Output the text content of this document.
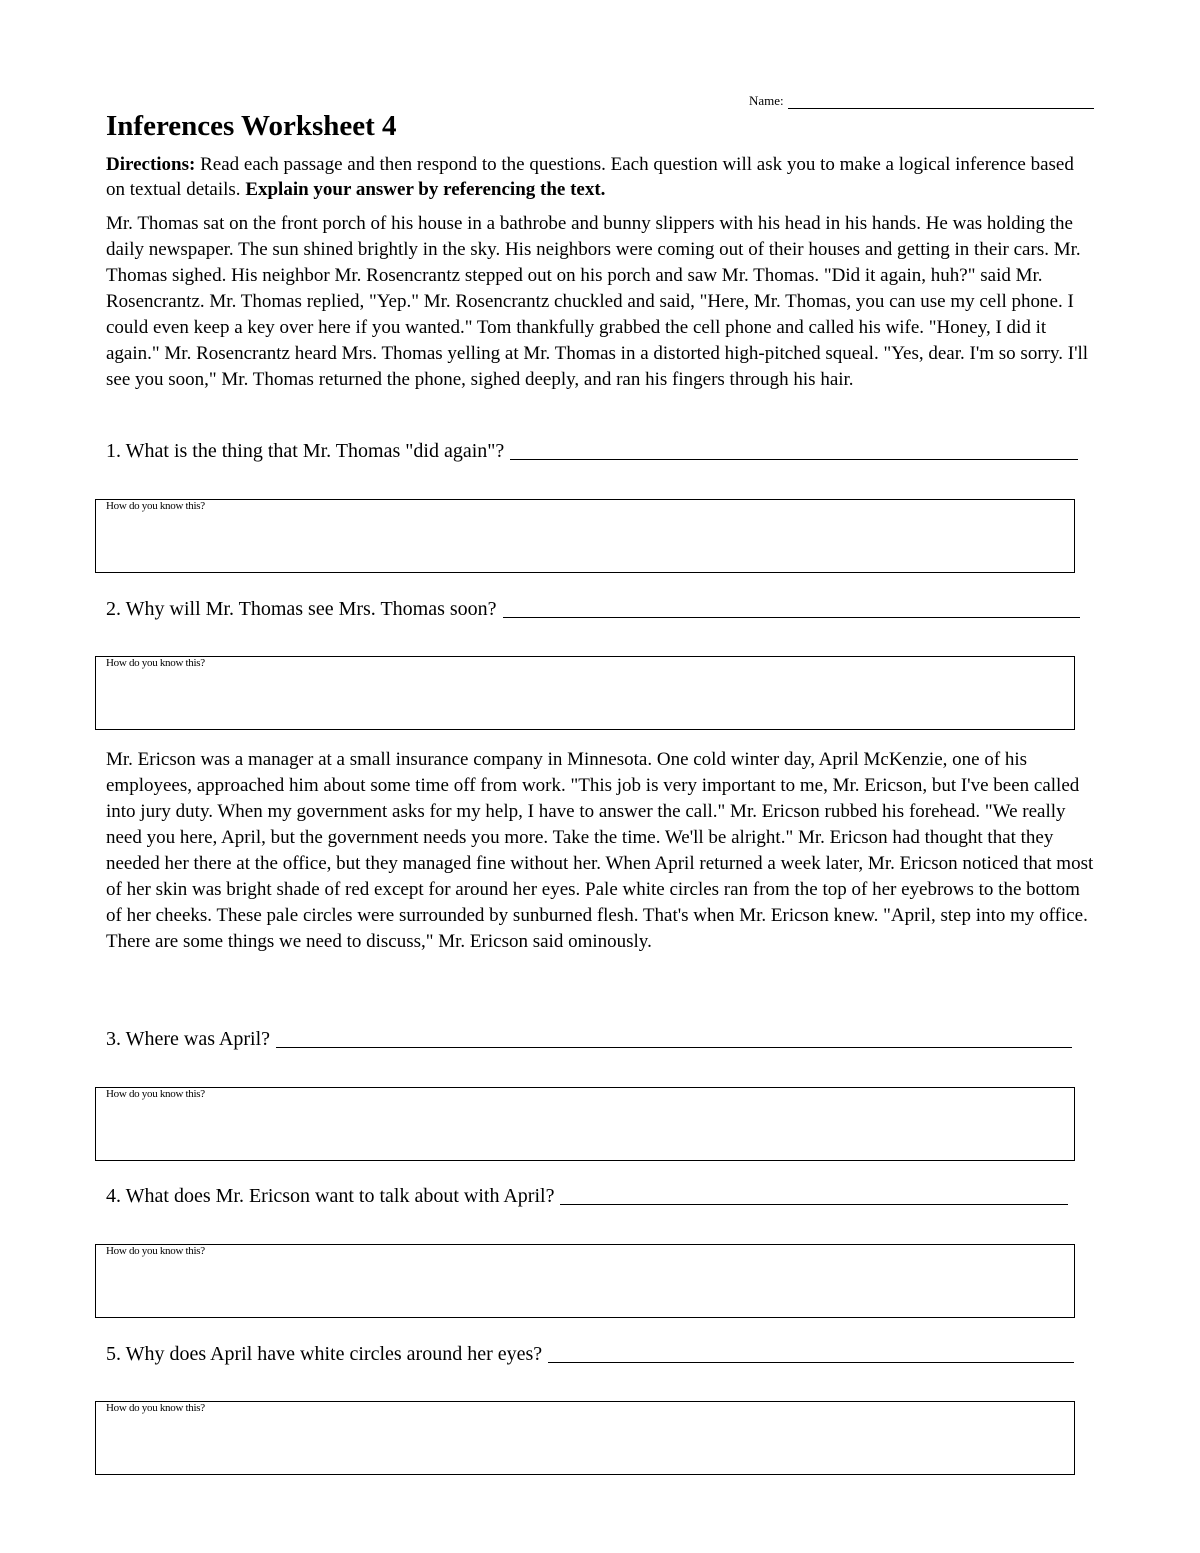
Name:
Inferences Worksheet 4

Directions: Read each passage and then respond to the questions. Each question will ask you to make a logical inference based on textual details. Explain your answer by referencing the text.

Mr. Thomas sat on the front porch of his house in a bathrobe and bunny slippers with his head in his hands. He was holding the daily newspaper. The sun shined brightly in the sky. His neighbors were coming out of their houses and getting in their cars. Mr. Thomas sighed. His neighbor Mr. Rosencrantz stepped out on his porch and saw Mr. Thomas. "Did it again, huh?" said Mr. Rosencrantz. Mr. Thomas replied, "Yep." Mr. Rosencrantz chuckled and said, "Here, Mr. Thomas, you can use my cell phone. I could even keep a key over here if you wanted." Tom thankfully grabbed the cell phone and called his wife. "Honey, I did it again." Mr. Rosencrantz heard Mrs. Thomas yelling at Mr. Thomas in a distorted high-pitched squeal. "Yes, dear. I'm so sorry. I'll see you soon," Mr. Thomas returned the phone, sighed deeply, and ran his fingers through his hair.

1. What is the thing that Mr. Thomas "did again"?
How do you know this?
2. Why will Mr. Thomas see Mrs. Thomas soon?
How do you know this?

Mr. Ericson was a manager at a small insurance company in Minnesota. One cold winter day, April McKenzie, one of his employees, approached him about some time off from work. "This job is very important to me, Mr. Ericson, but I've been called into jury duty. When my government asks for my help, I have to answer the call." Mr. Ericson rubbed his forehead. "We really need you here, April, but the government needs you more. Take the time. We'll be alright." Mr. Ericson had thought that they needed her there at the office, but they managed fine without her. When April returned a week later, Mr. Ericson noticed that most of her skin was bright shade of red except for around her eyes. Pale white circles ran from the top of her eyebrows to the bottom of her cheeks. These pale circles were surrounded by sunburned flesh. That's when Mr. Ericson knew. "April, step into my office. There are some things we need to discuss," Mr. Ericson said ominously.

3. Where was April?
How do you know this?
4. What does Mr. Ericson want to talk about with April?
How do you know this?
5. Why does April have white circles around her eyes?
How do you know this?
